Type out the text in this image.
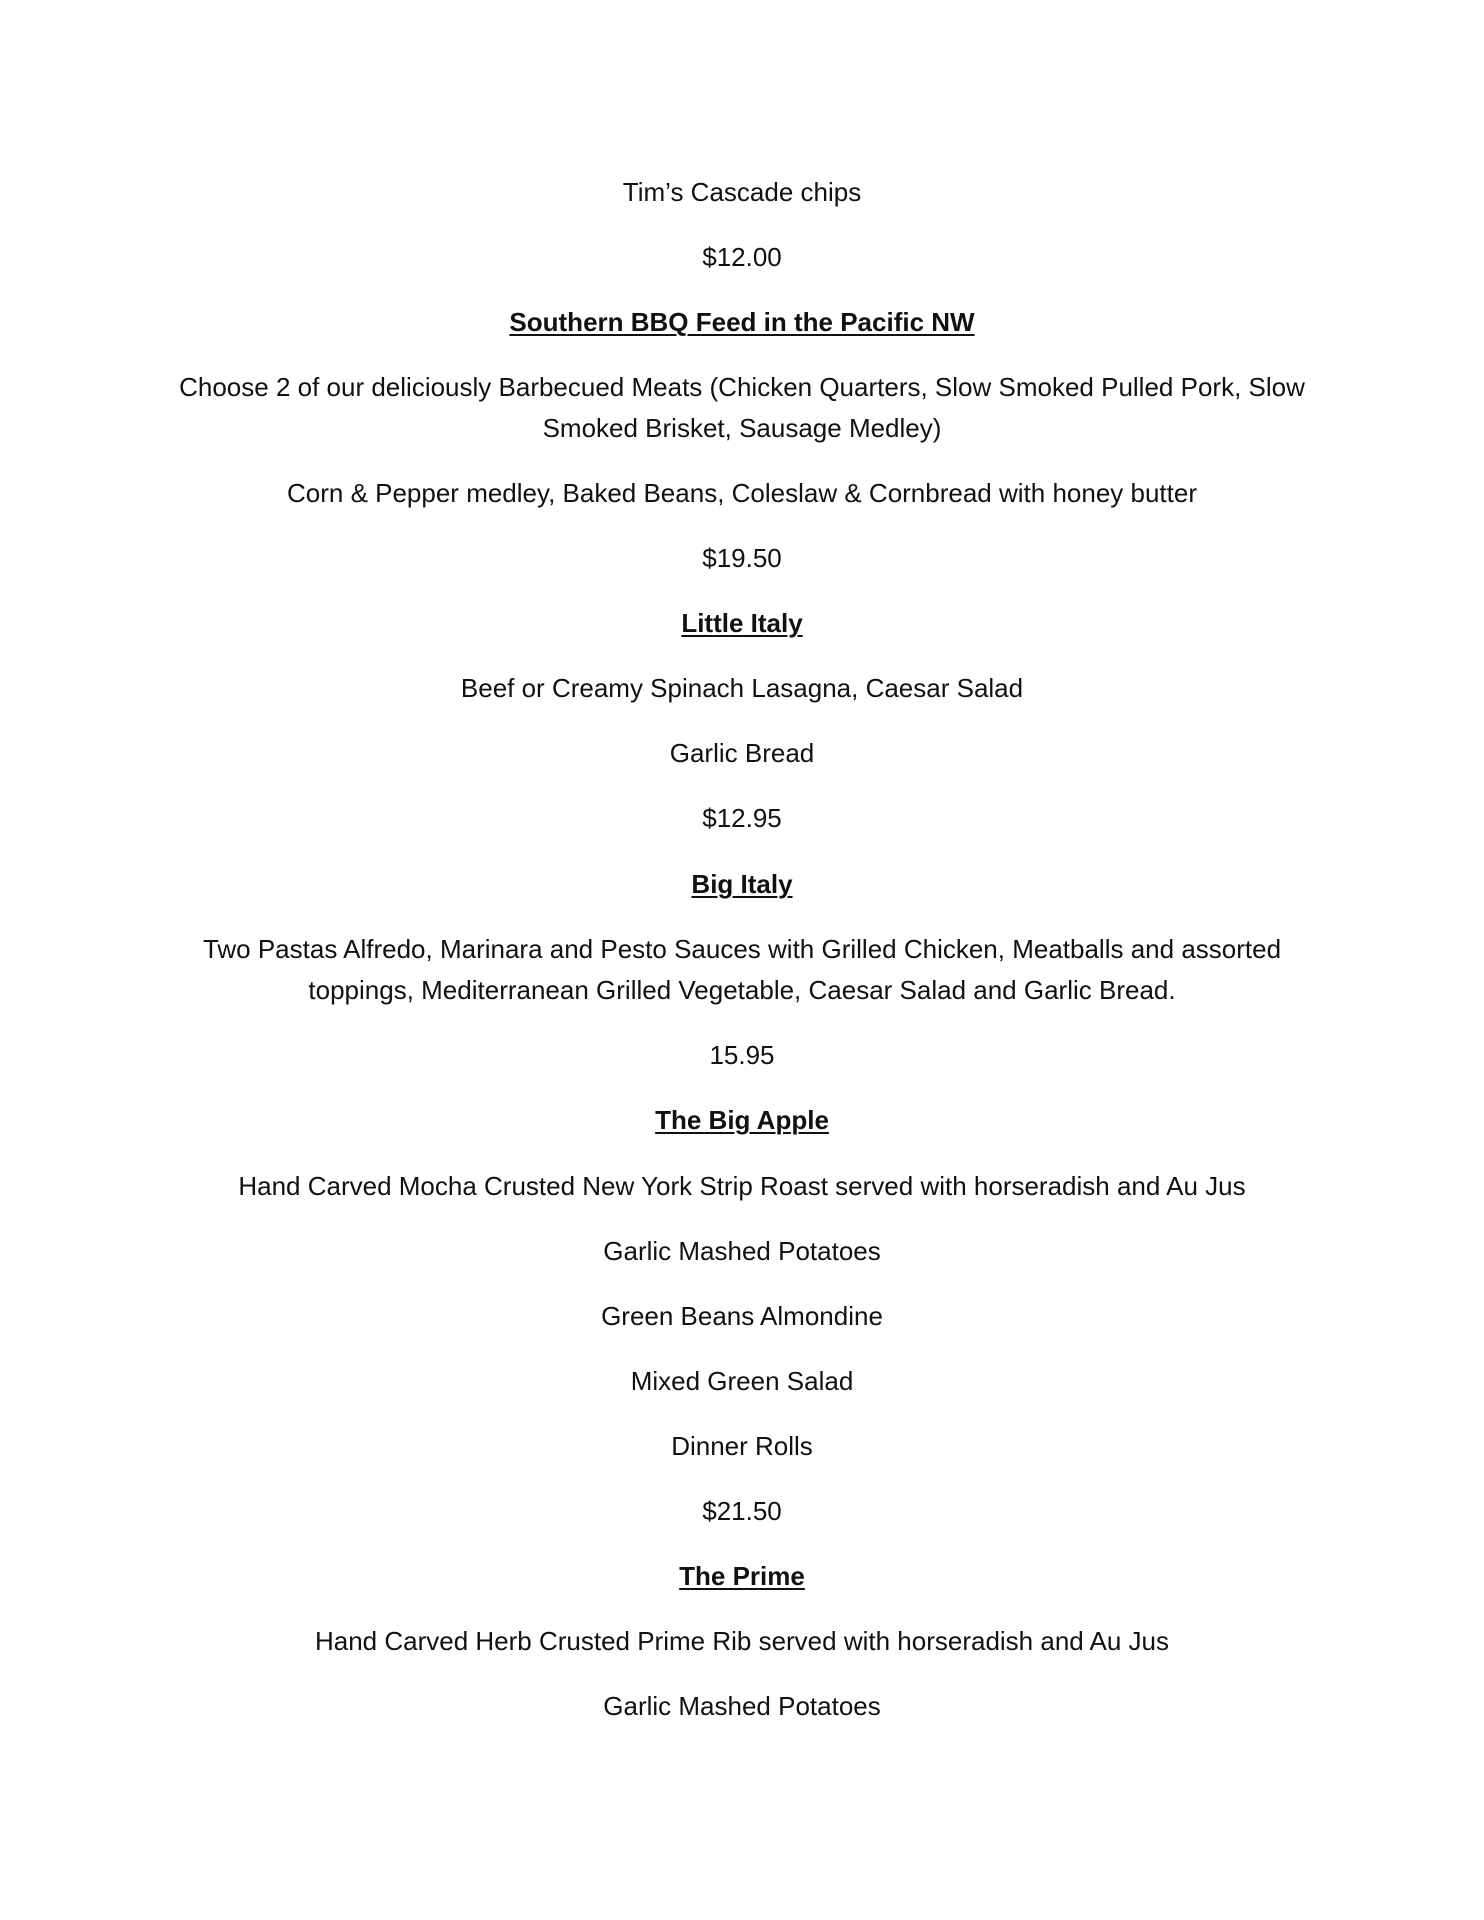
Tim’s Cascade chips

$12.00

Southern BBQ Feed in the Pacific NW

Choose 2 of our deliciously Barbecued Meats (Chicken Quarters, Slow Smoked Pulled Pork, Slow Smoked Brisket, Sausage Medley)

Corn & Pepper medley, Baked Beans, Coleslaw & Cornbread with honey butter

$19.50

Little Italy

Beef or Creamy Spinach Lasagna, Caesar Salad

Garlic Bread

$12.95

Big Italy

Two Pastas Alfredo, Marinara and Pesto Sauces with Grilled Chicken, Meatballs and assorted toppings, Mediterranean Grilled Vegetable, Caesar Salad and Garlic Bread.

15.95

The Big Apple

Hand Carved Mocha Crusted New York Strip Roast served with horseradish and Au Jus

Garlic Mashed Potatoes

Green Beans Almondine

Mixed Green Salad

Dinner Rolls

$21.50

The Prime

Hand Carved Herb Crusted Prime Rib served with horseradish and Au Jus

Garlic Mashed Potatoes
